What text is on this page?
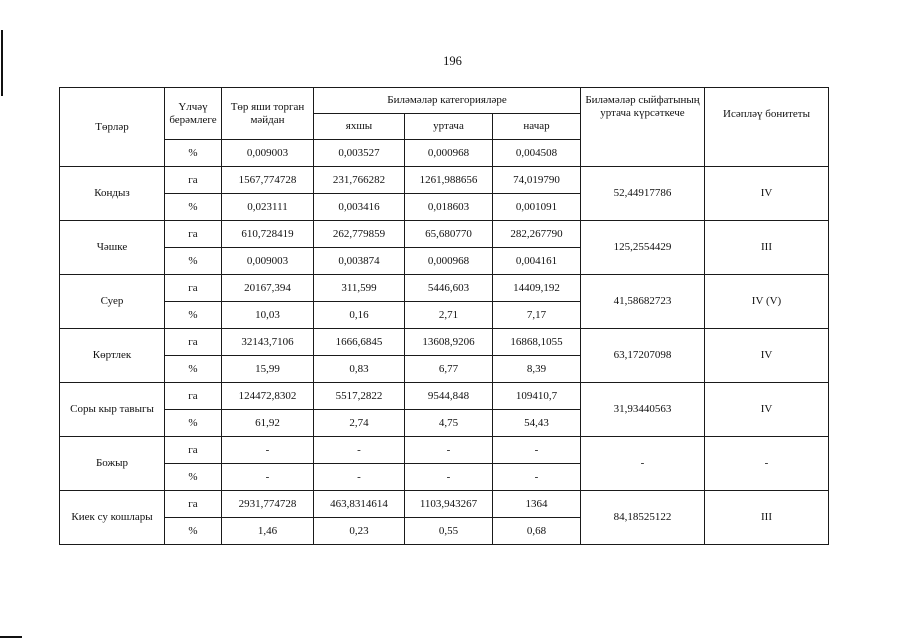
196
Төрләр	Үлчәү берәмлеге	Төр яши торган мәйдан	Биләмәләр категорияләре			Биләмәләр сыйфатының уртача күрсәткече	Исәпләү бонитеты
			яхшы	уртача	начар		
	%	0,009003	0,003527	0,000968	0,004508		
Кондыз	га	1567,774728	231,766282	1261,988656	74,019790	52,44917786	IV
	%	0,023111	0,003416	0,018603	0,001091		
Чәшке	га	610,728419	262,779859	65,680770	282,267790	125,2554429	III
	%	0,009003	0,003874	0,000968	0,004161		
Суер	га	20167,394	311,599	5446,603	14409,192	41,58682723	IV (V)
	%	10,03	0,16	2,71	7,17		
Көртлек	га	32143,7106	1666,6845	13608,9206	16868,1055	63,17207098	IV
	%	15,99	0,83	6,77	8,39		
Соры кыр тавыгы	га	124472,8302	5517,2822	9544,848	109410,7	31,93440563	IV
	%	61,92	2,74	4,75	54,43		
Божыр	га	-	-	-	-	-	-
	%	-	-	-	-		
Киек су кошлары	га	2931,774728	463,8314614	1103,943267	1364	84,18525122	III
	%	1,46	0,23	0,55	0,68		
